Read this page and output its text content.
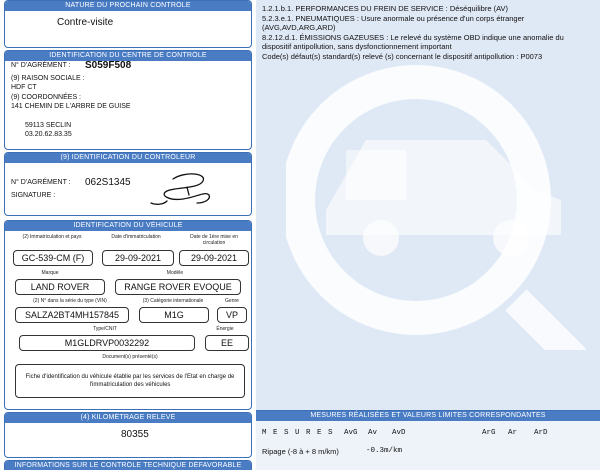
NATURE DU PROCHAIN CONTRÔLE
Contre-visite
IDENTIFICATION DU CENTRE DE CONTRÔLE
N° D'AGRÉMENT : S059F508
(9) RAISON SOCIALE :
HDF CT
(9) COORDONNÉES :
141 CHEMIN DE L'ARBRE DE GUISE
59113 SECLIN
03.20.62.83.35
(9) IDENTIFICATION DU CONTRÔLEUR
N° D'AGRÉMENT : 062S1345
SIGNATURE :
IDENTIFICATION DU VÉHICULE
(2) Immatriculation et pays	Date d'immatriculation	Date de 1ère mise en circulation
GC-539-CM (F)	29-09-2021	29-09-2021
Marque	Modèle
LAND ROVER	RANGE ROVER EVOQUE
(2) N° dans la série du type (VIN)	(3) Catégorie internationale	Genre
SALZA2BT4MH157845	M1G	VP
Type/CNIT	Énergie
M1GLDRVP0032292	EE
Document(s) présenté(s)
Fiche d'identification du véhicule établie par les services de l'Etat en charge de l'immatriculation des véhicules
(4) KILOMÉTRAGE RELEVÉ
80355
INFORMATIONS SUR LE CONTRÔLE TECHNIQUE DÉFAVORABLE
1.2.1.b.1. PERFORMANCES DU FREIN DE SERVICE : Déséquilibre (AV)
5.2.3.e.1. PNEUMATIQUES : Usure anormale ou présence d'un corps étranger
(AVG,AVD,ARG,ARD)
8.2.12.d.1. ÉMISSIONS GAZEUSES : Le relevé du système OBD indique une anomalie du
dispositif antipollution, sans dysfonctionnement important
Code(s) défaut(s) standard(s) relevé (s) concernant le dispositif antipollution : P0073
MESURES RÉALISÉES ET VALEURS LIMITES CORRESPONDANTES
M E S U R E S AvG Av AvD	ArG Ar ArD
Ripage (-8 à + 8 m/km)	-0.3m/km
